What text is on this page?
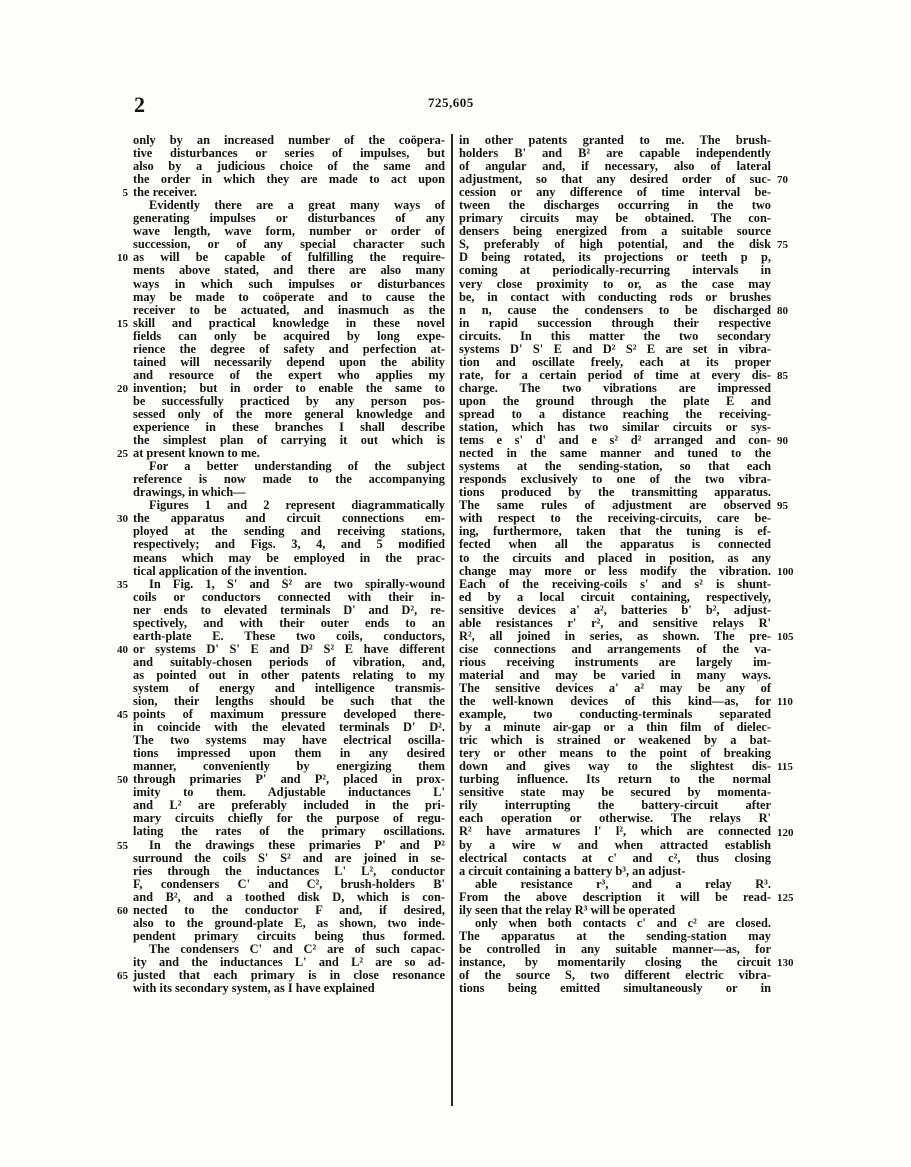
2	725,605
only by an increased number of the coöpera-
tive disturbances or series of impulses, but
also by a judicious choice of the same and
the order in which they are made to act upon
the receiver.
Evidently there are a great many ways of
generating impulses or disturbances of any
wave length, wave form, number or order of
succession, or of any special character such
as will be capable of fulfilling the require-
ments above stated, and there are also many
ways in which such impulses or disturbances
may be made to coöperate and to cause the
receiver to be actuated, and inasmuch as the
skill and practical knowledge in these novel
fields can only be acquired by long expe-
rience the degree of safety and perfection at-
tained will necessarily depend upon the ability
and resource of the expert who applies my
invention; but in order to enable the same to
be successfully practiced by any person pos-
sessed only of the more general knowledge and
experience in these branches I shall describe
the simplest plan of carrying it out which is
at present known to me.
For a better understanding of the subject
reference is now made to the accompanying
drawings, in which—
Figures 1 and 2 represent diagrammatically
the apparatus and circuit connections em-
ployed at the sending and receiving stations,
respectively; and Figs. 3, 4, and 5 modified
means which may be employed in the prac-
tical application of the invention.
In Fig. 1, S' and S² are two spirally-wound
coils or conductors connected with their in-
ner ends to elevated terminals D' and D², re-
spectively, and with their outer ends to an
earth-plate E. These two coils, conductors,
or systems D' S' E and D² S² E have different
and suitably-chosen periods of vibration, and,
as pointed out in other patents relating to my
system of energy and intelligence transmis-
sion, their lengths should be such that the
points of maximum pressure developed there-
in coincide with the elevated terminals D' D².
The two systems may have electrical oscilla-
tions impressed upon them in any desired
manner, conveniently by energizing them
through primaries P' and P², placed in prox-
imity to them. Adjustable inductances L'
and L² are preferably included in the pri-
mary circuits chiefly for the purpose of regu-
lating the rates of the primary oscillations.
In the drawings these primaries P' and P²
surround the coils S' S² and are joined in se-
ries through the inductances L' L², conductor
F, condensers C' and C², brush-holders B'
and B², and a toothed disk D, which is con-
nected to the conductor F and, if desired,
also to the ground-plate E, as shown, two inde-
pendent primary circuits being thus formed.
The condensers C' and C² are of such capac-
ity and the inductances L' and L² are so ad-
justed that each primary is in close resonance
with its secondary system, as I have explained
in other patents granted to me. The brush-
holders B' and B² are capable independently
of angular and, if necessary, also of lateral
adjustment, so that any desired order of suc-
cession or any difference of time interval be-
tween the discharges occurring in the two
primary circuits may be obtained. The con-
densers being energized from a suitable source
S, preferably of high potential, and the disk
D being rotated, its projections or teeth p p,
coming at periodically-recurring intervals in
very close proximity to or, as the case may
be, in contact with conducting rods or brushes
n n, cause the condensers to be discharged
in rapid succession through their respective
circuits. In this matter the two secondary
systems D' S' E and D² S² E are set in vibra-
tion and oscillate freely, each at its proper
rate, for a certain period of time at every dis-
charge. The two vibrations are impressed
upon the ground through the plate E and
spread to a distance reaching the receiving-
station, which has two similar circuits or sys-
tems e s' d' and e s² d² arranged and con-
nected in the same manner and tuned to the
systems at the sending-station, so that each
responds exclusively to one of the two vibra-
tions produced by the transmitting apparatus.
The same rules of adjustment are observed
with respect to the receiving-circuits, care be-
ing, furthermore, taken that the tuning is ef-
fected when all the apparatus is connected
to the circuits and placed in position, as any
change may more or less modify the vibration.
Each of the receiving-coils s' and s² is shunt-
ed by a local circuit containing, respectively,
sensitive devices a' a², batteries b' b², adjust-
able resistances r' r², and sensitive relays R'
R², all joined in series, as shown. The pre-
cise connections and arrangements of the va-
rious receiving instruments are largely im-
material and may be varied in many ways.
The sensitive devices a' a² may be any of
the well-known devices of this kind—as, for
example, two conducting-terminals separated
by a minute air-gap or a thin film of dielec-
tric which is strained or weakened by a bat-
tery or other means to the point of breaking
down and gives way to the slightest dis-
turbing influence. Its return to the normal
sensitive state may be secured by momenta-
rily interrupting the battery-circuit after
each operation or otherwise. The relays R'
R² have armatures l' l², which are connected
by a wire w and when attracted establish
electrical contacts at c' and c², thus closing
a circuit containing a battery b³, an adjust-
able resistance r³, and a relay R³.
From the above description it will be read-
ily seen that the relay R³ will be operated
only when both contacts c' and c² are closed.
The apparatus at the sending-station may
be controlled in any suitable manner—as, for
instance, by momentarily closing the circuit
of the source S, two different electric vibra-
tions being emitted simultaneously or in
5
10
15
20
25
30
35
40
45
50
55
60
65
70
75
80
85
90
95
100
105
110
115
120
125
130
